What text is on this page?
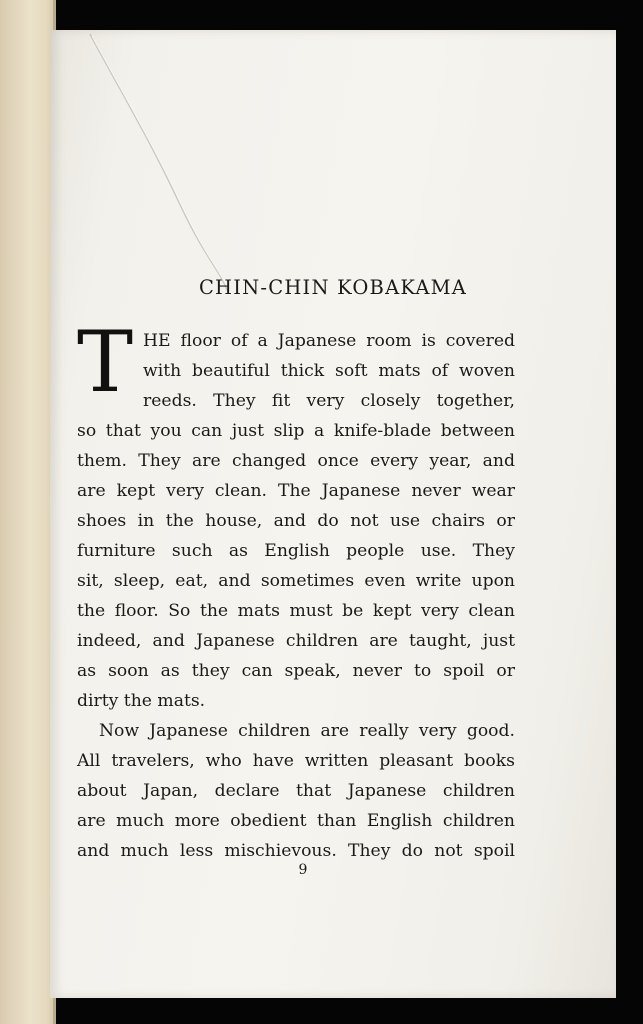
CHIN-CHIN KOBAKAMA
T HE floor of a Japanese room is covered
with beautiful thick soft mats of woven
reeds. They fit very closely together,
so that you can just slip a knife-blade between
them. They are changed once every year, and
are kept very clean. The Japanese never wear
shoes in the house, and do not use chairs or
furniture such as English people use. They
sit, sleep, eat, and sometimes even write upon
the floor. So the mats must be kept very clean
indeed, and Japanese children are taught, just
as soon as they can speak, never to spoil or
dirty the mats.
Now Japanese children are really very good.
All travelers, who have written pleasant books
about Japan, declare that Japanese children
are much more obedient than English children
and much less mischievous. They do not spoil
9
